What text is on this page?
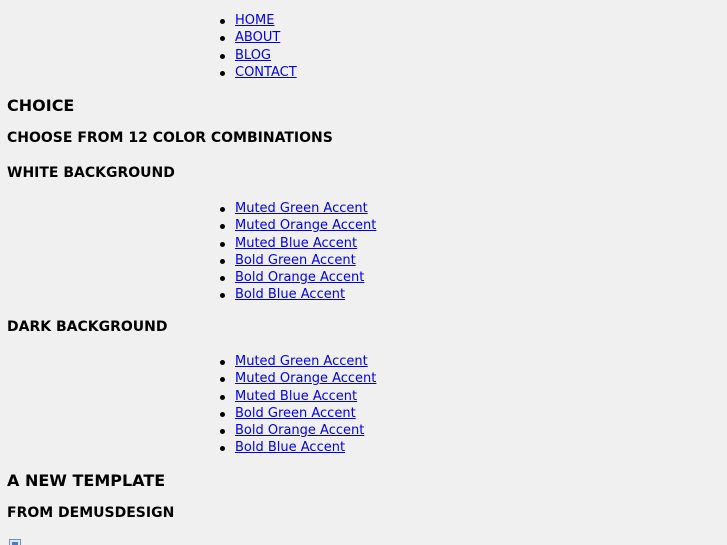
HOME
ABOUT
BLOG
CONTACT
CHOICE
CHOOSE FROM 12 COLOR COMBINATIONS
WHITE BACKGROUND
Muted Green Accent
Muted Orange Accent
Muted Blue Accent
Bold Green Accent
Bold Orange Accent
Bold Blue Accent
DARK BACKGROUND
Muted Green Accent
Muted Orange Accent
Muted Blue Accent
Bold Green Accent
Bold Orange Accent
Bold Blue Accent
A NEW TEMPLATE
FROM DEMUSDESIGN
